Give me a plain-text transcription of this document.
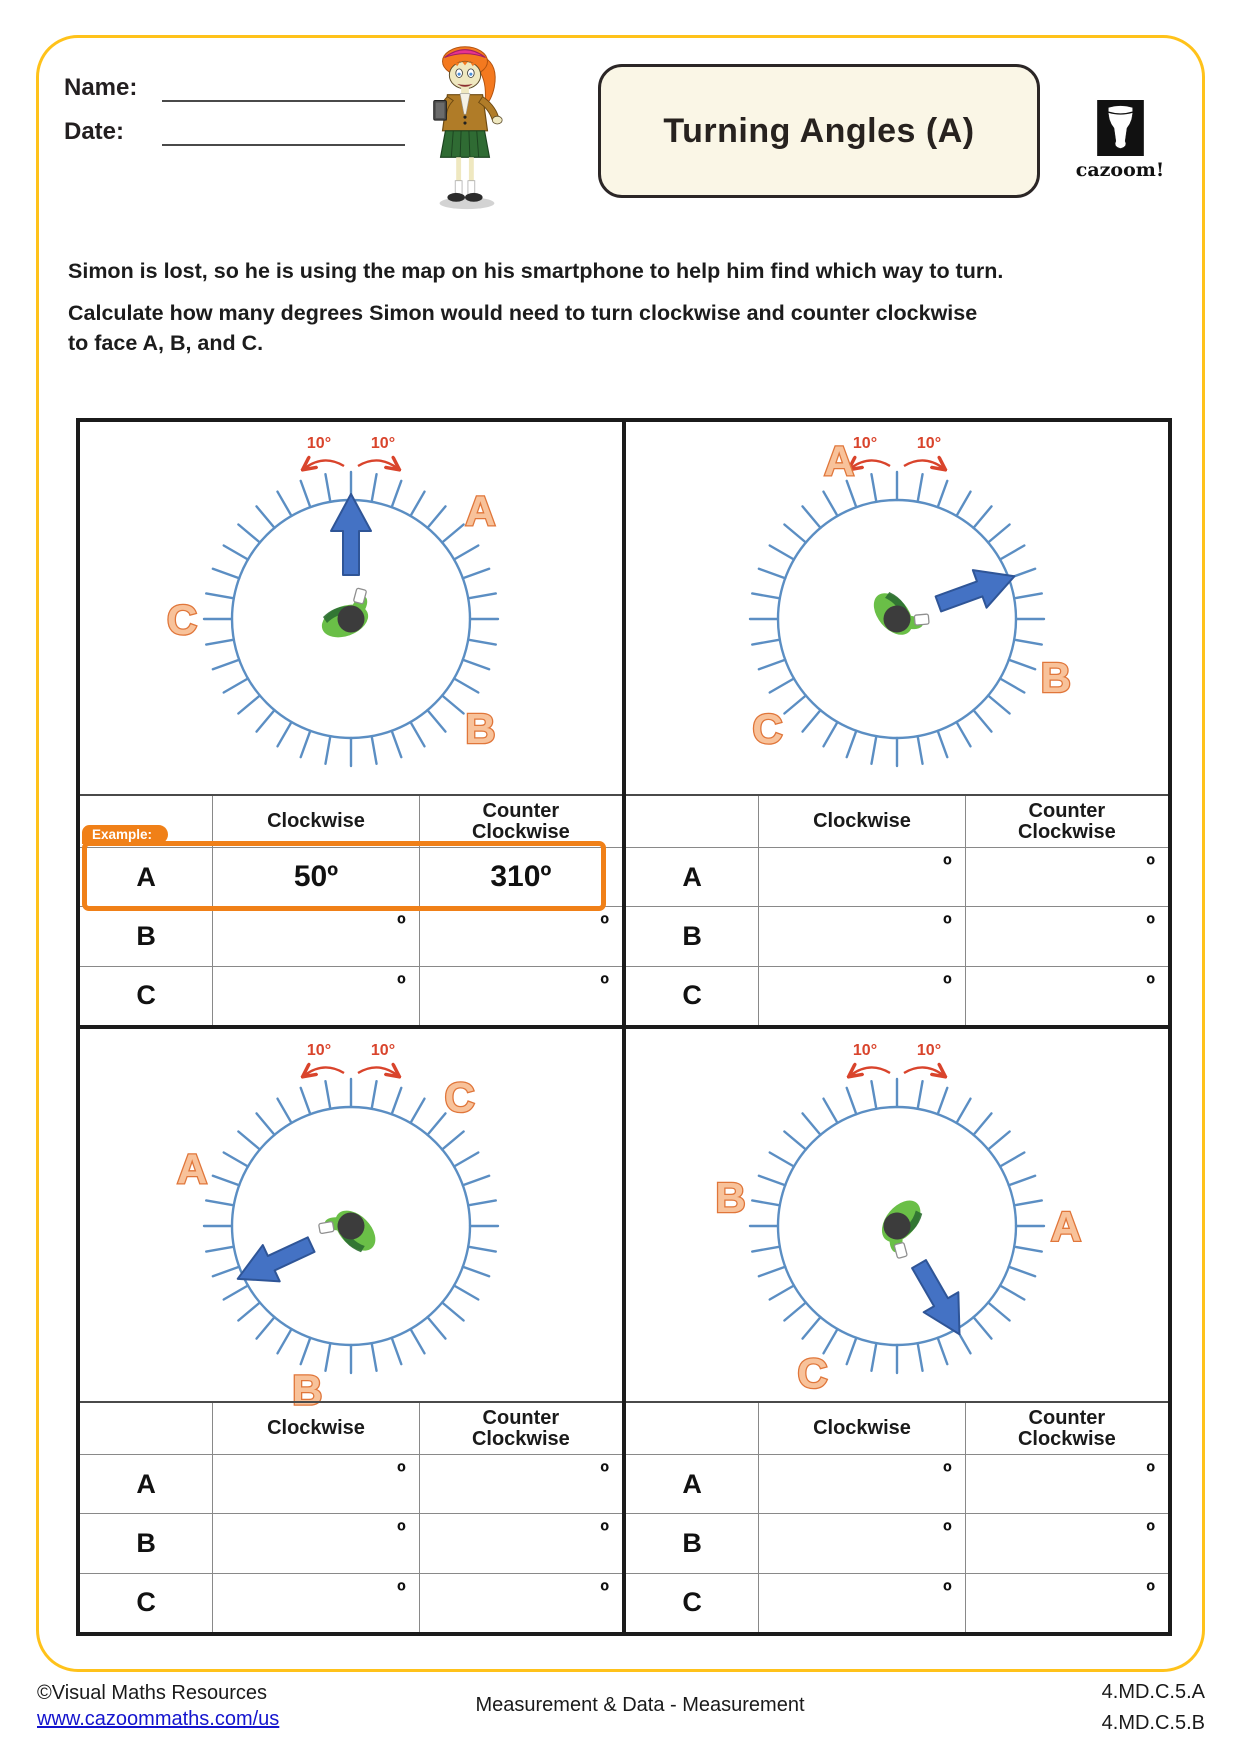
Name:
Date:	Turning Angles (A)
cazoom!

Simon is lost, so he is using the map on his smartphone to help him find which way to turn.

Calculate how many degrees Simon would need to turn clockwise and counter clockwise

to face A, B, and C.

10° 10°
A
B
C
Clockwise	Counter
Clockwise
A	50º	310º
B	º	º
C	º	º
Example:
10° 10°
A
B
C
Clockwise	Counter
Clockwise
A	º	º
B	º	º
C	º	º
10° 10°
C
A
B
Clockwise	Counter
Clockwise
A	º	º
B	º	º
C	º	º
10° 10°
A
B
C
Clockwise	Counter
Clockwise
A	º	º
B	º	º
C	º	º
©Visual Maths Resources
www.cazoommaths.com/us
Measurement & Data - Measurement
4.MD.C.5.A
4.MD.C.5.B
